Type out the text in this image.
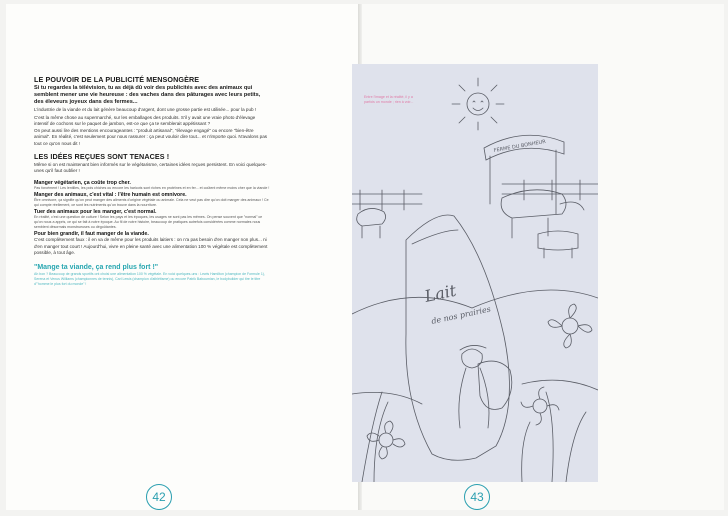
LE POUVOIR DE LA PUBLICITÉ MENSONGÈRE
Si tu regardes la télévision, tu as déjà dû voir des publicités avec des animaux qui semblent mener une vie heureuse : des vaches dans des pâturages avec leurs petits, des éleveurs joyeux dans des fermes...

L'industrie de la viande et du lait génère beaucoup d'argent, dont une grosse partie est utilisée... pour la pub !

C'est la même chose au supermarché, sur les emballages des produits. S'il y avait une vraie photo d'élevage intensif de cochons sur le paquet de jambon, est-ce que ça te semblerait appétissant ?

On peut aussi lire des mentions encourageantes : "produit artisanal", "élevage engagé" ou encore "bien-être animal". En réalité, c'est seulement pour nous rassurer : ça peut vouloir dire tout... et n'importe quoi. N'avalons pas tout ce qu'on nous dit !

LES IDÉES REÇUES SONT TENACES !

Même si on est maintenant bien informés sur le végétarisme, certaines idées reçues persistent. En voici quelques-unes qu'il faut oublier !

Manger végétarien, ça coûte trop cher.

Pas forcément ! Les lentilles, les pois chiches ou encore les haricots sont riches en protéines et en fer... et coûtent même moins cher que la viande !

Manger des animaux, c'est vital : l'être humain est omnivore.

Être omnivore, ça signifie qu'on peut manger des aliments d'origine végétale ou animale. Cela ne veut pas dire qu'on doit manger des animaux ! Ce qui compte réellement, ce sont les nutriments qu'on trouve dans la nourriture.

Tuer des animaux pour les manger, c'est normal.

En réalité, c'est une question de culture ! Selon les pays et les époques, les usages ne sont pas les mêmes. On pense souvent que "normal" ce qu'on nous a appris, ce qui se fait à notre époque. Au fil de notre histoire, beaucoup de pratiques autrefois considérées comme normales nous semblent désormais monstrueuses ou dégoûtantes.

Pour bien grandir, il faut manger de la viande.

C'est complètement faux : il en va de même pour les produits laitiers : on n'a pas besoin d'en manger non plus... ni d'en manger tout court ! Aujourd'hui, vivre en pleine santé avec une alimentation 100 % végétale est complètement possible, à tout âge.

"Mange ta viande, ça rend plus fort !"
Ah bon ? Beaucoup de grands sportifs ont choisi une alimentation 100 % végétale. En voici quelques-uns : Lewis Hamilton (champion de Formule 1), Serena et Venus Williams (championnes de tennis), Carl Lewis (champion d'athlétisme) ou encore Patrik Baboumian, le bodybuilder qui tire le titre d'"homme le plus fort du monde" !
42
Lait
de nos prairies
FERME DU BONHEUR
Entre l'image et la réalité, il y a parfois un monde ; rien à voir...
43
